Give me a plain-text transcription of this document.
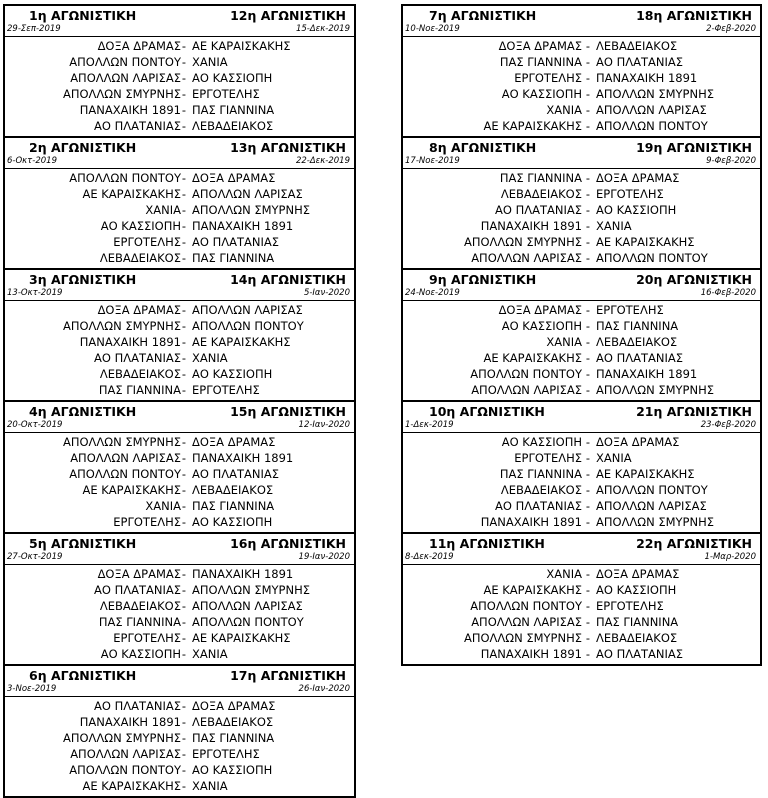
1η ΑΓΩΝΙΣΤΙΚΗ	12η ΑΓΩΝΙΣΤΙΚΗ
29-Σεπ-2019	15-Δεκ-2019
ΔΟΞΑ ΔΡΑΜΑΣ - ΑΕ ΚΑΡΑΙΣΚΑΚΗΣ
ΑΠΟΛΛΩΝ ΠΟΝΤΟΥ - ΧΑΝΙΑ
ΑΠΟΛΛΩΝ ΛΑΡΙΣΑΣ - ΑΟ ΚΑΣΣΙΟΠΗ
ΑΠΟΛΛΩΝ ΣΜΥΡΝΗΣ - ΕΡΓΟΤΕΛΗΣ
ΠΑΝΑΧΑΙΚΗ 1891 - ΠΑΣ ΓΙΑΝΝΙΝΑ
ΑΟ ΠΛΑΤΑΝΙΑΣ - ΛΕΒΑΔΕΙΑΚΟΣ
2η ΑΓΩΝΙΣΤΙΚΗ	13η ΑΓΩΝΙΣΤΙΚΗ
6-Οκτ-2019	22-Δεκ-2019
ΑΠΟΛΛΩΝ ΠΟΝΤΟΥ - ΔΟΞΑ ΔΡΑΜΑΣ
ΑΕ ΚΑΡΑΙΣΚΑΚΗΣ - ΑΠΟΛΛΩΝ ΛΑΡΙΣΑΣ
ΧΑΝΙΑ - ΑΠΟΛΛΩΝ ΣΜΥΡΝΗΣ
ΑΟ ΚΑΣΣΙΟΠΗ - ΠΑΝΑΧΑΙΚΗ 1891
ΕΡΓΟΤΕΛΗΣ - ΑΟ ΠΛΑΤΑΝΙΑΣ
ΛΕΒΑΔΕΙΑΚΟΣ - ΠΑΣ ΓΙΑΝΝΙΝΑ
3η ΑΓΩΝΙΣΤΙΚΗ	14η ΑΓΩΝΙΣΤΙΚΗ
13-Οκτ-2019	5-Ιαν-2020
ΔΟΞΑ ΔΡΑΜΑΣ - ΑΠΟΛΛΩΝ ΛΑΡΙΣΑΣ
ΑΠΟΛΛΩΝ ΣΜΥΡΝΗΣ - ΑΠΟΛΛΩΝ ΠΟΝΤΟΥ
ΠΑΝΑΧΑΙΚΗ 1891 - ΑΕ ΚΑΡΑΙΣΚΑΚΗΣ
ΑΟ ΠΛΑΤΑΝΙΑΣ - ΧΑΝΙΑ
ΛΕΒΑΔΕΙΑΚΟΣ - ΑΟ ΚΑΣΣΙΟΠΗ
ΠΑΣ ΓΙΑΝΝΙΝΑ - ΕΡΓΟΤΕΛΗΣ
4η ΑΓΩΝΙΣΤΙΚΗ	15η ΑΓΩΝΙΣΤΙΚΗ
20-Οκτ-2019	12-Ιαν-2020
ΑΠΟΛΛΩΝ ΣΜΥΡΝΗΣ - ΔΟΞΑ ΔΡΑΜΑΣ
ΑΠΟΛΛΩΝ ΛΑΡΙΣΑΣ - ΠΑΝΑΧΑΙΚΗ 1891
ΑΠΟΛΛΩΝ ΠΟΝΤΟΥ - ΑΟ ΠΛΑΤΑΝΙΑΣ
ΑΕ ΚΑΡΑΙΣΚΑΚΗΣ - ΛΕΒΑΔΕΙΑΚΟΣ
ΧΑΝΙΑ - ΠΑΣ ΓΙΑΝΝΙΝΑ
ΕΡΓΟΤΕΛΗΣ - ΑΟ ΚΑΣΣΙΟΠΗ
5η ΑΓΩΝΙΣΤΙΚΗ	16η ΑΓΩΝΙΣΤΙΚΗ
27-Οκτ-2019	19-Ιαν-2020
ΔΟΞΑ ΔΡΑΜΑΣ - ΠΑΝΑΧΑΙΚΗ 1891
ΑΟ ΠΛΑΤΑΝΙΑΣ - ΑΠΟΛΛΩΝ ΣΜΥΡΝΗΣ
ΛΕΒΑΔΕΙΑΚΟΣ - ΑΠΟΛΛΩΝ ΛΑΡΙΣΑΣ
ΠΑΣ ΓΙΑΝΝΙΝΑ - ΑΠΟΛΛΩΝ ΠΟΝΤΟΥ
ΕΡΓΟΤΕΛΗΣ - ΑΕ ΚΑΡΑΙΣΚΑΚΗΣ
ΑΟ ΚΑΣΣΙΟΠΗ - ΧΑΝΙΑ
6η ΑΓΩΝΙΣΤΙΚΗ	17η ΑΓΩΝΙΣΤΙΚΗ
3-Νοε-2019	26-Ιαν-2020
ΑΟ ΠΛΑΤΑΝΙΑΣ - ΔΟΞΑ ΔΡΑΜΑΣ
ΠΑΝΑΧΑΙΚΗ 1891 - ΛΕΒΑΔΕΙΑΚΟΣ
ΑΠΟΛΛΩΝ ΣΜΥΡΝΗΣ - ΠΑΣ ΓΙΑΝΝΙΝΑ
ΑΠΟΛΛΩΝ ΛΑΡΙΣΑΣ - ΕΡΓΟΤΕΛΗΣ
ΑΠΟΛΛΩΝ ΠΟΝΤΟΥ - ΑΟ ΚΑΣΣΙΟΠΗ
ΑΕ ΚΑΡΑΙΣΚΑΚΗΣ - ΧΑΝΙΑ
7η ΑΓΩΝΙΣΤΙΚΗ	18η ΑΓΩΝΙΣΤΙΚΗ
10-Νοε-2019	2-Φεβ-2020
ΔΟΞΑ ΔΡΑΜΑΣ - ΛΕΒΑΔΕΙΑΚΟΣ
ΠΑΣ ΓΙΑΝΝΙΝΑ - ΑΟ ΠΛΑΤΑΝΙΑΣ
ΕΡΓΟΤΕΛΗΣ - ΠΑΝΑΧΑΙΚΗ 1891
ΑΟ ΚΑΣΣΙΟΠΗ - ΑΠΟΛΛΩΝ ΣΜΥΡΝΗΣ
ΧΑΝΙΑ - ΑΠΟΛΛΩΝ ΛΑΡΙΣΑΣ
ΑΕ ΚΑΡΑΙΣΚΑΚΗΣ - ΑΠΟΛΛΩΝ ΠΟΝΤΟΥ
8η ΑΓΩΝΙΣΤΙΚΗ	19η ΑΓΩΝΙΣΤΙΚΗ
17-Νοε-2019	9-Φεβ-2020
ΠΑΣ ΓΙΑΝΝΙΝΑ - ΔΟΞΑ ΔΡΑΜΑΣ
ΛΕΒΑΔΕΙΑΚΟΣ - ΕΡΓΟΤΕΛΗΣ
ΑΟ ΠΛΑΤΑΝΙΑΣ - ΑΟ ΚΑΣΣΙΟΠΗ
ΠΑΝΑΧΑΙΚΗ 1891 - ΧΑΝΙΑ
ΑΠΟΛΛΩΝ ΣΜΥΡΝΗΣ - ΑΕ ΚΑΡΑΙΣΚΑΚΗΣ
ΑΠΟΛΛΩΝ ΛΑΡΙΣΑΣ - ΑΠΟΛΛΩΝ ΠΟΝΤΟΥ
9η ΑΓΩΝΙΣΤΙΚΗ	20η ΑΓΩΝΙΣΤΙΚΗ
24-Νοε-2019	16-Φεβ-2020
ΔΟΞΑ ΔΡΑΜΑΣ - ΕΡΓΟΤΕΛΗΣ
ΑΟ ΚΑΣΣΙΟΠΗ - ΠΑΣ ΓΙΑΝΝΙΝΑ
ΧΑΝΙΑ - ΛΕΒΑΔΕΙΑΚΟΣ
ΑΕ ΚΑΡΑΙΣΚΑΚΗΣ - ΑΟ ΠΛΑΤΑΝΙΑΣ
ΑΠΟΛΛΩΝ ΠΟΝΤΟΥ - ΠΑΝΑΧΑΙΚΗ 1891
ΑΠΟΛΛΩΝ ΛΑΡΙΣΑΣ - ΑΠΟΛΛΩΝ ΣΜΥΡΝΗΣ
10η ΑΓΩΝΙΣΤΙΚΗ	21η ΑΓΩΝΙΣΤΙΚΗ
1-Δεκ-2019	23-Φεβ-2020
ΑΟ ΚΑΣΣΙΟΠΗ - ΔΟΞΑ ΔΡΑΜΑΣ
ΕΡΓΟΤΕΛΗΣ - ΧΑΝΙΑ
ΠΑΣ ΓΙΑΝΝΙΝΑ - ΑΕ ΚΑΡΑΙΣΚΑΚΗΣ
ΛΕΒΑΔΕΙΑΚΟΣ - ΑΠΟΛΛΩΝ ΠΟΝΤΟΥ
ΑΟ ΠΛΑΤΑΝΙΑΣ - ΑΠΟΛΛΩΝ ΛΑΡΙΣΑΣ
ΠΑΝΑΧΑΙΚΗ 1891 - ΑΠΟΛΛΩΝ ΣΜΥΡΝΗΣ
11η ΑΓΩΝΙΣΤΙΚΗ	22η ΑΓΩΝΙΣΤΙΚΗ
8-Δεκ-2019	1-Μαρ-2020
ΧΑΝΙΑ - ΔΟΞΑ ΔΡΑΜΑΣ
ΑΕ ΚΑΡΑΙΣΚΑΚΗΣ - ΑΟ ΚΑΣΣΙΟΠΗ
ΑΠΟΛΛΩΝ ΠΟΝΤΟΥ - ΕΡΓΟΤΕΛΗΣ
ΑΠΟΛΛΩΝ ΛΑΡΙΣΑΣ - ΠΑΣ ΓΙΑΝΝΙΝΑ
ΑΠΟΛΛΩΝ ΣΜΥΡΝΗΣ - ΛΕΒΑΔΕΙΑΚΟΣ
ΠΑΝΑΧΑΙΚΗ 1891 - ΑΟ ΠΛΑΤΑΝΙΑΣ
